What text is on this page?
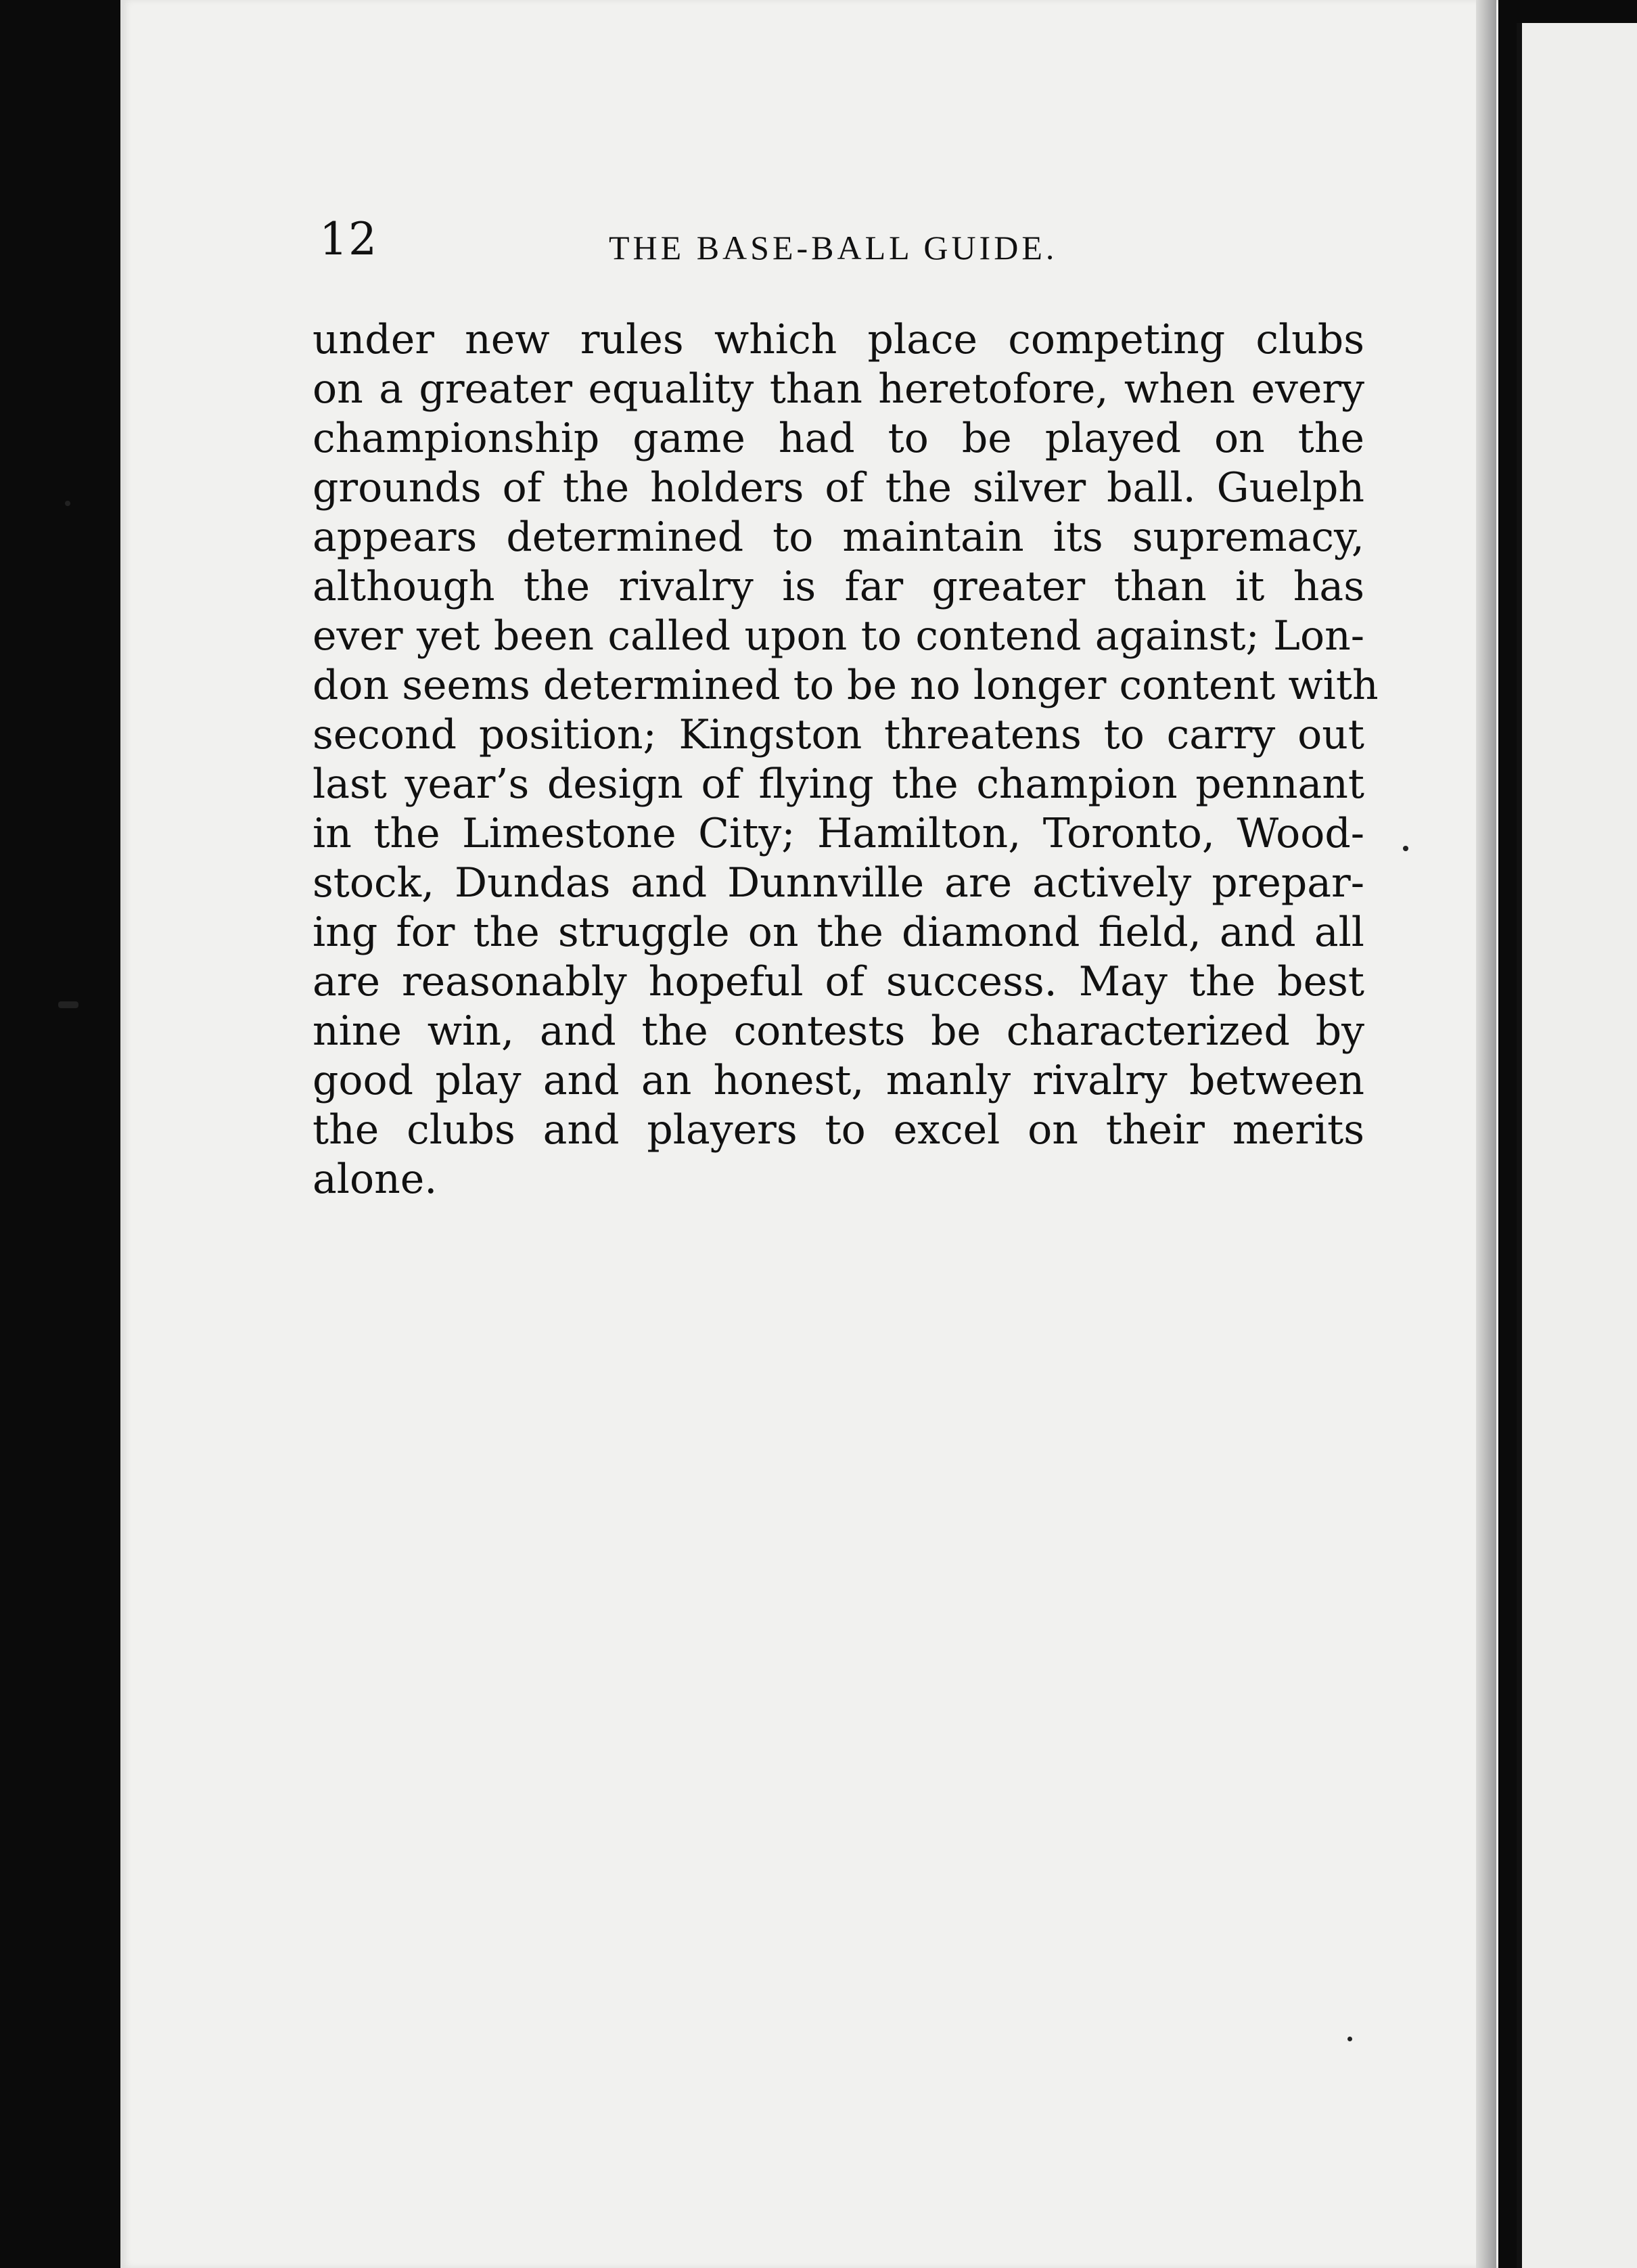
12	THE BASE-BALL GUIDE.
under new rules which place competing clubs
on a greater equality than heretofore, when every
championship game had to be played on the
grounds of the holders of the silver ball. Guelph
appears determined to maintain its supremacy,
although the rivalry is far greater than it has
ever yet been called upon to contend against; Lon-
don seems determined to be no longer content with
second position; Kingston threatens to carry out
last year’s design of flying the champion pennant
in the Limestone City; Hamilton, Toronto, Wood-
stock, Dundas and Dunnville are actively prepar-
ing for the struggle on the diamond field, and all
are reasonably hopeful of success. May the best
nine win, and the contests be characterized by
good play and an honest, manly rivalry between
the clubs and players to excel on their merits
alone.
